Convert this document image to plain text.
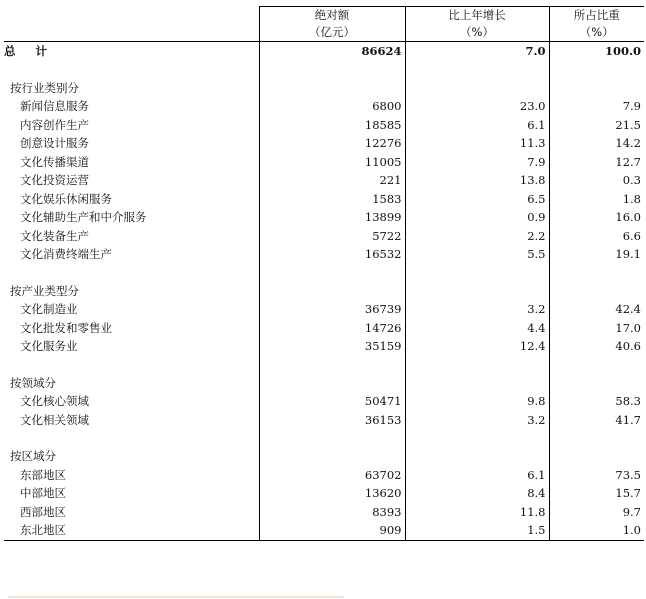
	绝对额	比上年增长	所占比重
	（亿元）	（%）	（%）
总 计	86624	7.0	100.0

按行业类别分			
新闻信息服务	6800	23.0	7.9
内容创作生产	18585	6.1	21.5
创意设计服务	12276	11.3	14.2
文化传播渠道	11005	7.9	12.7
文化投资运营	221	13.8	0.3
文化娱乐休闲服务	1583	6.5	1.8
文化辅助生产和中介服务	13899	0.9	16.0
文化装备生产	5722	2.2	6.6
文化消费终端生产	16532	5.5	19.1

按产业类型分			
文化制造业	36739	3.2	42.4
文化批发和零售业	14726	4.4	17.0
文化服务业	35159	12.4	40.6

按领域分			
文化核心领域	50471	9.8	58.3
文化相关领域	36153	3.2	41.7

按区域分			
东部地区	63702	6.1	73.5
中部地区	13620	8.4	15.7
西部地区	8393	11.8	9.7
东北地区	909	1.5	1.0
